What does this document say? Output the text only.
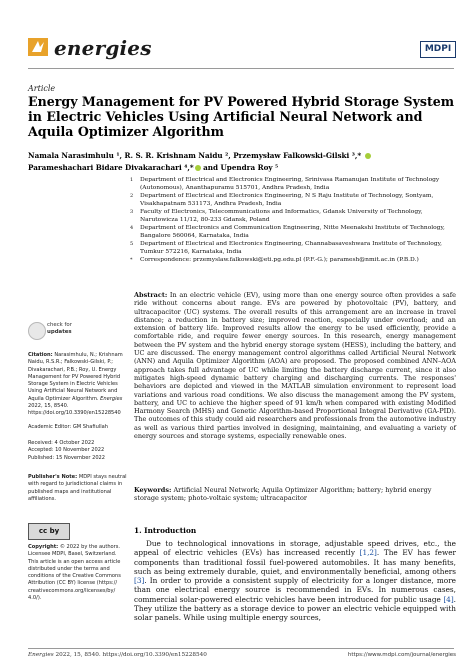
energies	MDPI
Article
Energy Management for PV Powered Hybrid Storage System in Electric Vehicles Using Artificial Neural Network and Aquila Optimizer Algorithm
Namala Narasimhulu ¹, R. S. R. Krishnam Naidu ², Przemysław Falkowski-Gilski ³,*
Parameshachari Bidare Divakarachari ⁴,* and Upendra Roy ⁵
1 Department of Electrical and Electronics Engineering, Srinivasa Ramanujan Institute of Technology (Autonomous), Ananthapuramu 515701, Andhra Pradesh, India
2 Department of Electrical and Electronics Engineering, N S Raju Institute of Technology, Sontyam, Visakhapatnam 531173, Andhra Pradesh, India
3 Faculty of Electronics, Telecommunications and Informatics, Gdansk University of Technology, Narutowicza 11/12, 80-233 Gdansk, Poland
4 Department of Electronics and Communication Engineering, Nitte Meenakshi Institute of Technology, Bangalore 560064, Karnataka, India
5 Department of Electrical and Electronics Engineering, Channabasaveshwara Institute of Technology, Tumkur 572216, Karnataka, India
* Correspondence: przemyslaw.falkowski@eti.pg.edu.pl (P.F.-G.); paramesh@nmit.ac.in (P.B.D.)
check for
updates
Citation: Narasimhulu, N.; Krishnam Naidu, R.S.R.; Falkowski-Gilski, P.; Divakarachari, P.B.; Roy, U. Energy Management for PV Powered Hybrid Storage System in Electric Vehicles Using Artificial Neural Network and Aquila Optimizer Algorithm. Energies 2022, 15, 8540. https://doi.org/10.3390/en15228540
Academic Editor: GM Shafiullah
Received: 4 October 2022
Accepted: 10 November 2022
Published: 15 November 2022
Publisher's Note: MDPI stays neutral with regard to jurisdictional claims in published maps and institutional affiliations.
cc by
Copyright: © 2022 by the authors. Licensee MDPI, Basel, Switzerland. This article is an open access article distributed under the terms and conditions of the Creative Commons Attribution (CC BY) license (https:// creativecommons.org/licenses/by/ 4.0/).
Abstract: In an electric vehicle (EV), using more than one energy source often provides a safe ride without concerns about range. EVs are powered by photovoltaic (PV), battery, and ultracapacitor (UC) systems. The overall results of this arrangement are an increase in travel distance; a reduction in battery size; improved reaction, especially under overload; and an extension of battery life. Improved results allow the energy to be used efficiently, provide a comfortable ride, and require fewer energy sources. In this research, energy management between the PV system and the hybrid energy storage system (HESS), including the battery, and UC are discussed. The energy management control algorithms called Artificial Neural Network (ANN) and Aquila Optimizer Algorithm (AOA) are proposed. The proposed combined ANN–AOA approach takes full advantage of UC while limiting the battery discharge current, since it also mitigates high-speed dynamic battery charging and discharging currents. The responses' behaviors are depicted and viewed in the MATLAB simulation environment to represent load variations and various road conditions. We also discuss the management among the PV system, battery, and UC to achieve the higher speed of 91 km/h when compared with existing Modified Harmony Search (MHS) and Genetic Algorithm-based Proportional Integral Derivative (GA-PID). The outcomes of this study could aid researchers and professionals from the automotive industry as well as various third parties involved in designing, maintaining, and evaluating a variety of energy sources and storage systems, especially renewable ones.
Keywords: Artificial Neural Network; Aquila Optimizer Algorithm; battery; hybrid energy storage system; photo-voltaic system; ultracapacitor
1. Introduction
Due to technological innovations in storage, adjustable speed drives, etc., the appeal of electric vehicles (EVs) has increased recently [1,2]. The EV has fewer components than traditional fossil fuel-powered automobiles. It has many benefits, such as being extremely durable, quiet, and environmentally beneficial, among others [3]. In order to provide a consistent supply of electricity for a longer distance, more than one electrical energy source is recommended in EVs. In numerous cases, commercial solar-powered electric vehicles have been introduced for public usage [4]. They utilize the battery as a storage device to power an electric vehicle equipped with solar panels. While using multiple energy sources,
Energies 2022, 15, 8540. https://doi.org/10.3390/en15228540	https://www.mdpi.com/journal/energies
